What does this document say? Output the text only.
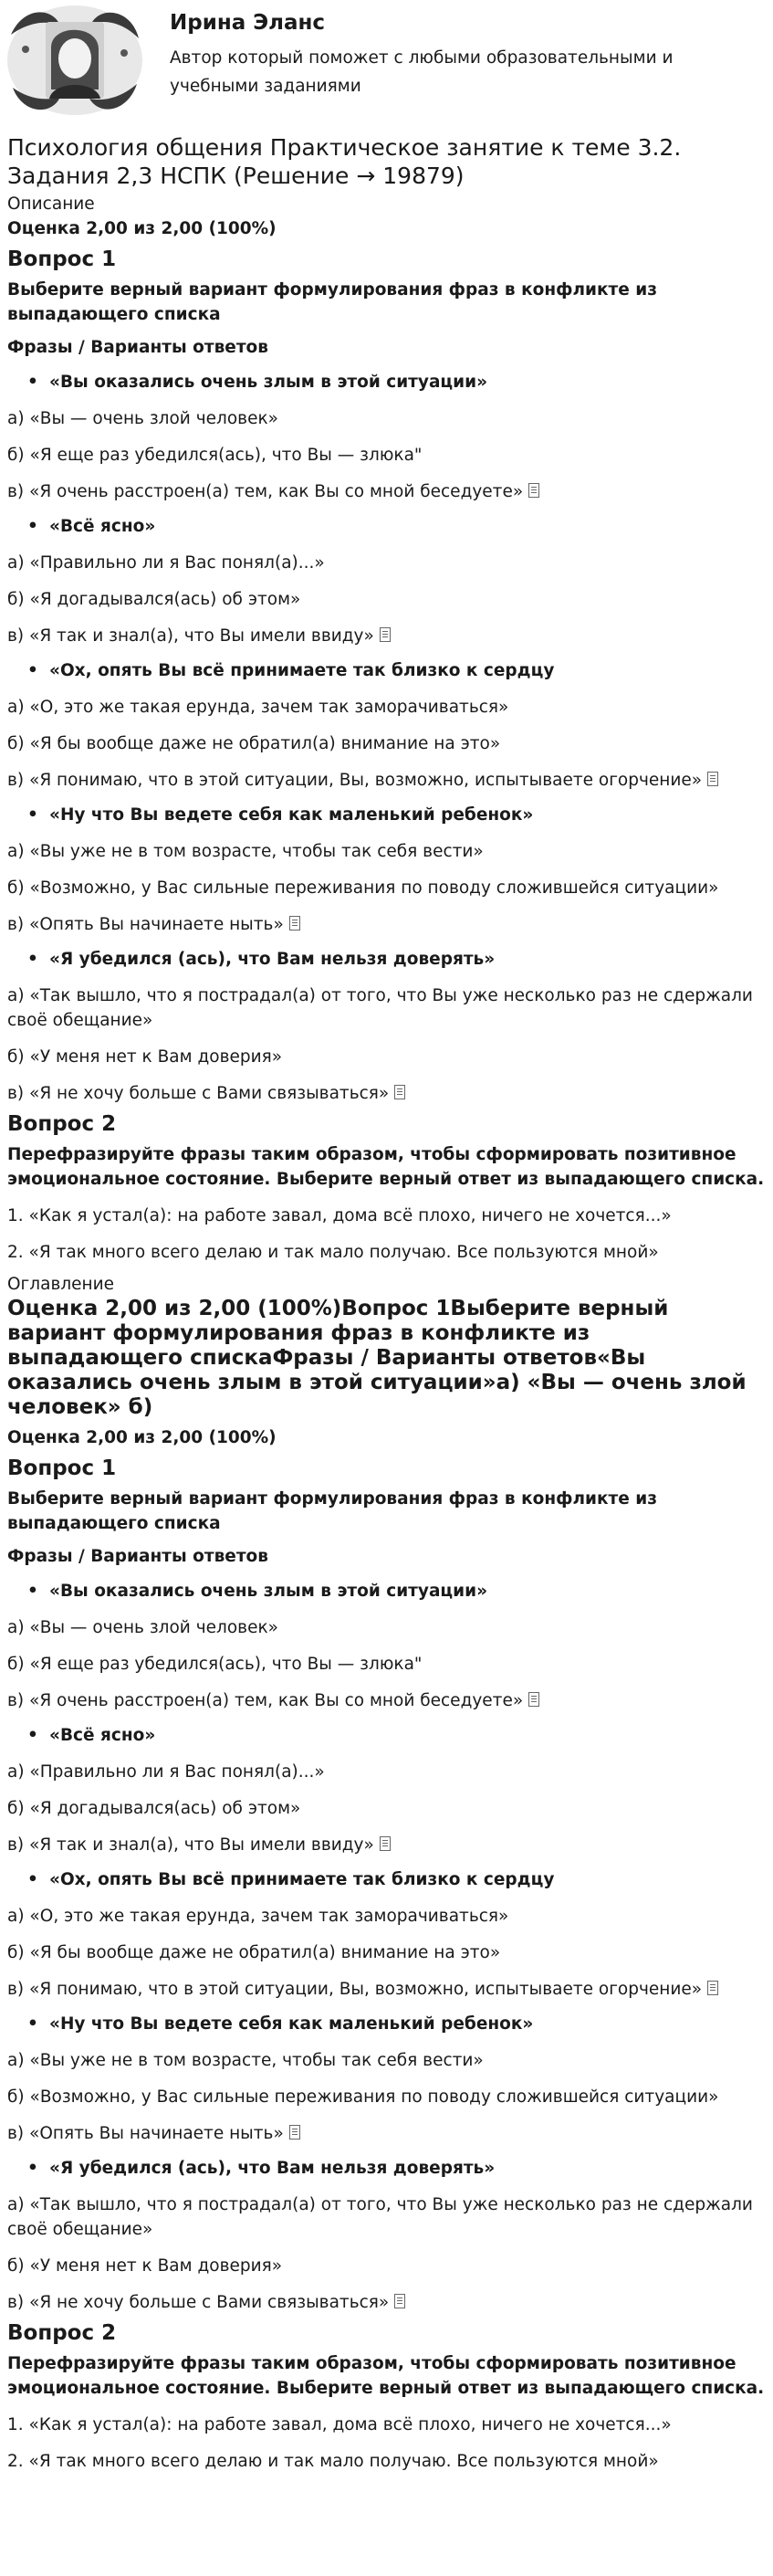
Ирина Эланс
Автор который поможет с любыми образовательными и учебными заданиями
Психология общения Практическое занятие к теме 3.2. Задания 2,3 НСПК (Решение → 19879)
Описание
Оценка 2,00 из 2,00 (100%)
Вопрос 1
Выберите верный вариант формулирования фраз в конфликте из выпадающего списка
Фразы / Варианты ответов
• «Вы оказались очень злым в этой ситуации»
а) «Вы — очень злой человек»
б) «Я еще раз убедился(ась), что Вы — злюка"
в) «Я очень расстроен(а) тем, как Вы со мной беседуете»
• «Всё ясно»
а) «Правильно ли я Вас понял(а)...»
б) «Я догадывался(ась) об этом»
в) «Я так и знал(а), что Вы имели ввиду»
• «Ох, опять Вы всё принимаете так близко к сердцу
а) «О, это же такая ерунда, зачем так заморачиваться»
б) «Я бы вообще даже не обратил(а) внимание на это»
в) «Я понимаю, что в этой ситуации, Вы, возможно, испытываете огорчение»
• «Ну что Вы ведете себя как маленький ребенок»
а) «Вы уже не в том возрасте, чтобы так себя вести»
б) «Возможно, у Вас сильные переживания по поводу сложившейся ситуации»
в) «Опять Вы начинаете ныть»
• «Я убедился (ась), что Вам нельзя доверять»
а) «Так вышло, что я пострадал(а) от того, что Вы уже несколько раз не сдержали своё обещание»
б) «У меня нет к Вам доверия»
в) «Я не хочу больше с Вами связываться»
Вопрос 2
Перефразируйте фразы таким образом, чтобы сформировать позитивное эмоциональное состояние. Выберите верный ответ из выпадающего списка.
1. «Как я устал(а): на работе завал, дома всё плохо, ничего не хочется...»
2. «Я так много всего делаю и так мало получаю. Все пользуются мной»
Оглавление
Оценка 2,00 из 2,00 (100%)Вопрос 1Выберите верный вариант формулирования фраз в конфликте из выпадающего спискаФразы / Варианты ответов«Вы оказались очень злым в этой ситуации»а) «Вы — очень злой человек» б)
Оценка 2,00 из 2,00 (100%)
Вопрос 1
Выберите верный вариант формулирования фраз в конфликте из выпадающего списка
Фразы / Варианты ответов
• «Вы оказались очень злым в этой ситуации»
а) «Вы — очень злой человек»
б) «Я еще раз убедился(ась), что Вы — злюка"
в) «Я очень расстроен(а) тем, как Вы со мной беседуете»
• «Всё ясно»
а) «Правильно ли я Вас понял(а)...»
б) «Я догадывался(ась) об этом»
в) «Я так и знал(а), что Вы имели ввиду»
• «Ох, опять Вы всё принимаете так близко к сердцу
а) «О, это же такая ерунда, зачем так заморачиваться»
б) «Я бы вообще даже не обратил(а) внимание на это»
в) «Я понимаю, что в этой ситуации, Вы, возможно, испытываете огорчение»
• «Ну что Вы ведете себя как маленький ребенок»
а) «Вы уже не в том возрасте, чтобы так себя вести»
б) «Возможно, у Вас сильные переживания по поводу сложившейся ситуации»
в) «Опять Вы начинаете ныть»
• «Я убедился (ась), что Вам нельзя доверять»
а) «Так вышло, что я пострадал(а) от того, что Вы уже несколько раз не сдержали своё обещание»
б) «У меня нет к Вам доверия»
в) «Я не хочу больше с Вами связываться»
Вопрос 2
Перефразируйте фразы таким образом, чтобы сформировать позитивное эмоциональное состояние. Выберите верный ответ из выпадающего списка.
1. «Как я устал(а): на работе завал, дома всё плохо, ничего не хочется...»
2. «Я так много всего делаю и так мало получаю. Все пользуются мной»
